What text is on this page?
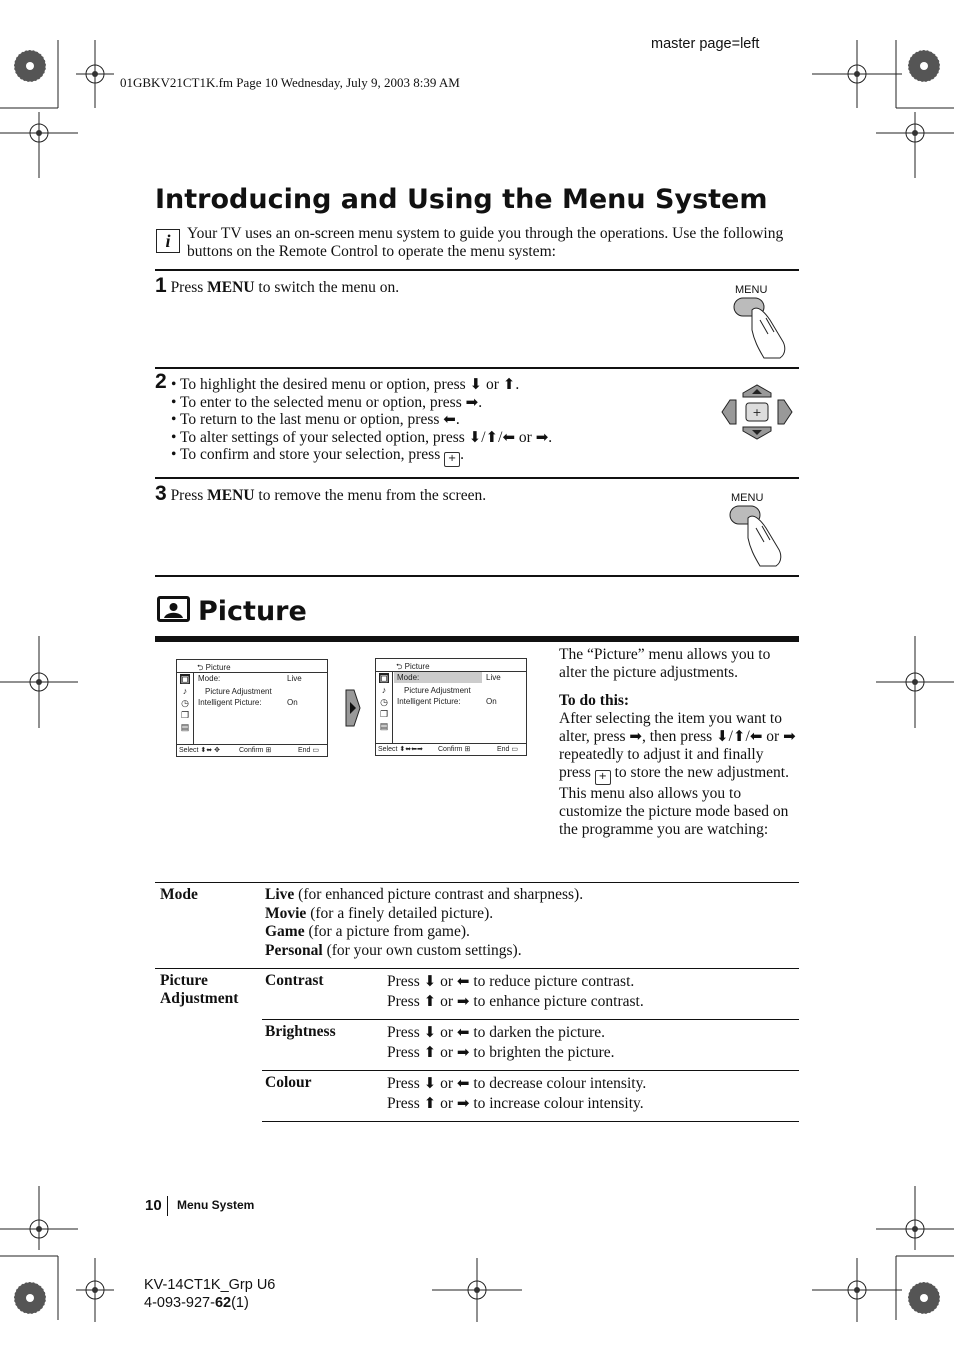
master page=left
01GBKV21CT1K.fm Page 10 Wednesday, July 9, 2003 8:39 AM
Introducing and Using the Menu System
i	Your TV uses an on-screen menu system to guide you through the operations. Use the following buttons on the Remote Control to operate the menu system:
1 Press MENU to switch the menu on.	MENU
2 • To highlight the desired menu or option, press ⬇ or ⬆.
• To enter to the selected menu or option, press ➡.
• To return to the last menu or option, press ⬅.
• To alter settings of your selected option, press ⬇/⬆/⬅ or ➡.
• To confirm and store your selection, press + .
+
3 Press MENU to remove the menu from the screen.	MENU
Picture
⮌ Picture
▣
♪
◷
❐
▤
Mode:	Live
Picture Adjustment
Intelligent Picture:	On
Select ⬍⬌ ✥	Confirm ⊞	End ▭
⮌ Picture
▣
♪
◷
❐
▤
Mode:	Live
Picture Adjustment
Intelligent Picture:	On
Select ⬍⬌⬅➡ Confirm ⊞	End ▭
The “Picture” menu allows you to alter the picture adjustments.
To do this:
After selecting the item you want to alter, press ➡, then press ⬇/⬆/⬅ or ➡ repeatedly to adjust it and finally press + to store the new adjustment.
This menu also allows you to customize the picture mode based on the programme you are watching:
Mode	Live (for enhanced picture contrast and sharpness).
Movie (for a finely detailed picture).
Game (for a picture from game).
Personal (for your own custom settings).
Picture
Adjustment
Contrast	Press ⬇ or ⬅ to reduce picture contrast.
Press ⬆ or ➡ to enhance picture contrast.
Brightness	Press ⬇ or ⬅ to darken the picture.
Press ⬆ or ➡ to brighten the picture.
Colour	Press ⬇ or ⬅ to decrease colour intensity.
Press ⬆ or ➡ to increase colour intensity.
10 Menu System
KV-14CT1K_Grp U6
4-093-927-62(1)
